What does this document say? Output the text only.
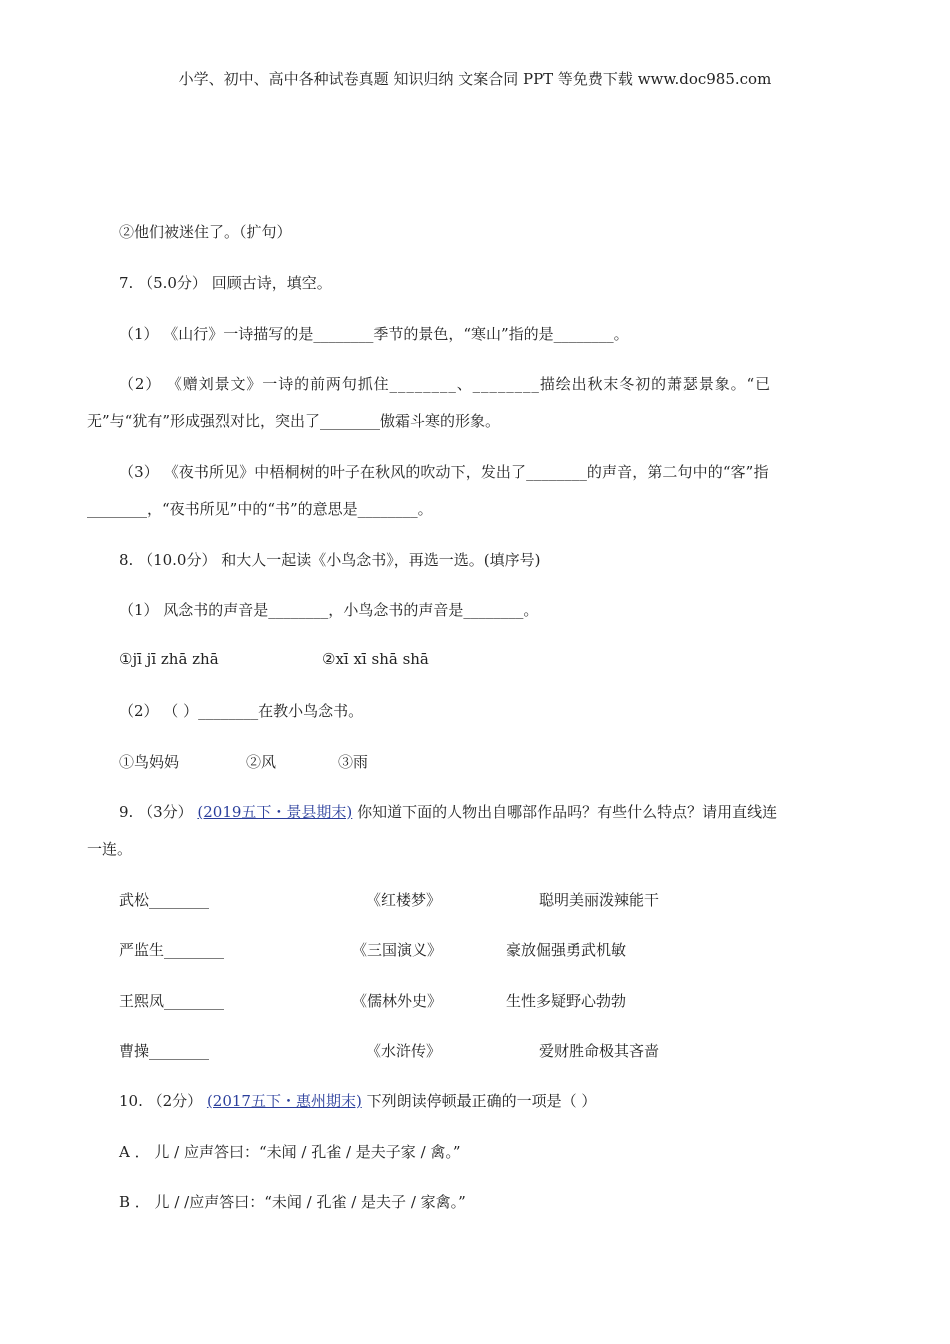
小学、初中、高中各种试卷真题 知识归纳 文案合同 PPT 等免费下载 www.doc985.com
②他们被迷住了。（扩句）
7. （5.0分） 回顾古诗，填空。
（1） 《山行》一诗描写的是________季节的景色，“寒山”指的是________。
（2） 《赠刘景文》一诗的前两句抓住________、________描绘出秋末冬初的萧瑟景象。“已
无”与“犹有”形成强烈对比，突出了________傲霜斗寒的形象。
（3） 《夜书所见》中梧桐树的叶子在秋风的吹动下，发出了________的声音，第二句中的“客”指
________，“夜书所见”中的“书”的意思是________。
8. （10.0分） 和大人一起读《小鸟念书》，再选一选。(填序号)
（1） 风念书的声音是________，小鸟念书的声音是________。
①jī jī zhā zhā	②xī xī shā shā
（2） （ ）________在教小鸟念书。
①鸟妈妈	②风	③雨
9. （3分） (2019五下・景县期末) 你知道下面的人物出自哪部作品吗？有些什么特点？请用直线连
一连。
武松________	《红楼梦》	聪明美丽泼辣能干
严监生________	《三国演义》	豪放倔强勇武机敏
王熙凤________	《儒林外史》	生性多疑野心勃勃
曹操________	《水浒传》	爱财胜命极其吝啬
10. （2分） (2017五下・惠州期末) 下列朗读停顿最正确的一项是（ ）
A ． 儿 / 应声答曰：“未闻 / 孔雀 / 是夫子家 / 禽。”
B ． 儿 / /应声答曰：“未闻 / 孔雀 / 是夫子 / 家禽。”
